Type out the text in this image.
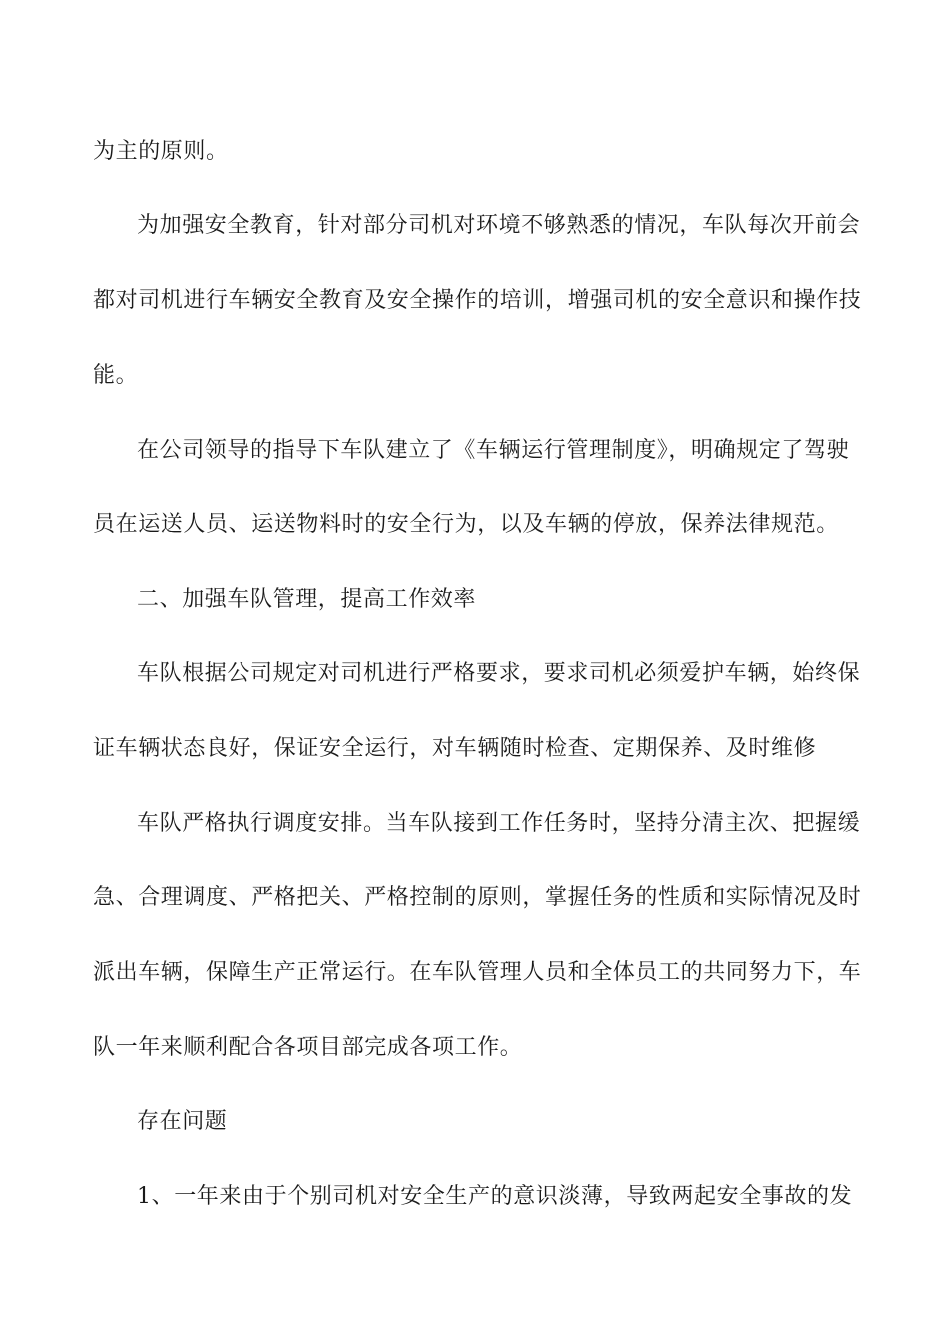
为主的原则。
为加强安全教育，针对部分司机对环境不够熟悉的情况，车队每次开前会
都对司机进行车辆安全教育及安全操作的培训，增强司机的安全意识和操作技
能。
在公司领导的指导下车队建立了《车辆运行管理制度》，明确规定了驾驶
员在运送人员、运送物料时的安全行为，以及车辆的停放，保养法律规范。
二、加强车队管理，提高工作效率
车队根据公司规定对司机进行严格要求，要求司机必须爱护车辆，始终保
证车辆状态良好，保证安全运行，对车辆随时检查、定期保养、及时维修
车队严格执行调度安排。当车队接到工作任务时，坚持分清主次、把握缓
急、合理调度、严格把关、严格控制的原则，掌握任务的性质和实际情况及时
派出车辆，保障生产正常运行。在车队管理人员和全体员工的共同努力下，车
队一年来顺利配合各项目部完成各项工作。
存在问题
1、一年来由于个别司机对安全生产的意识淡薄，导致两起安全事故的发
